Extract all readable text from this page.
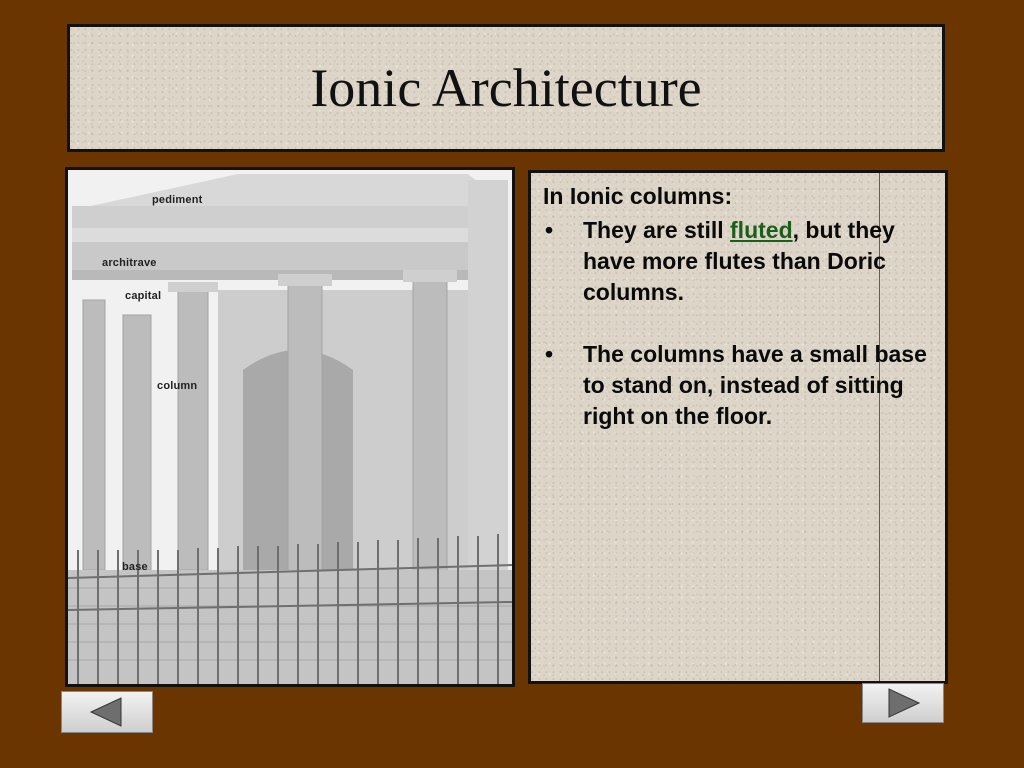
Ionic Architecture
pediment
architrave
capital
column
base

In Ionic columns:

• They are still fluted, but they have more flutes than Doric columns.
• The columns have a small base to stand on, instead of sitting right on the floor.
